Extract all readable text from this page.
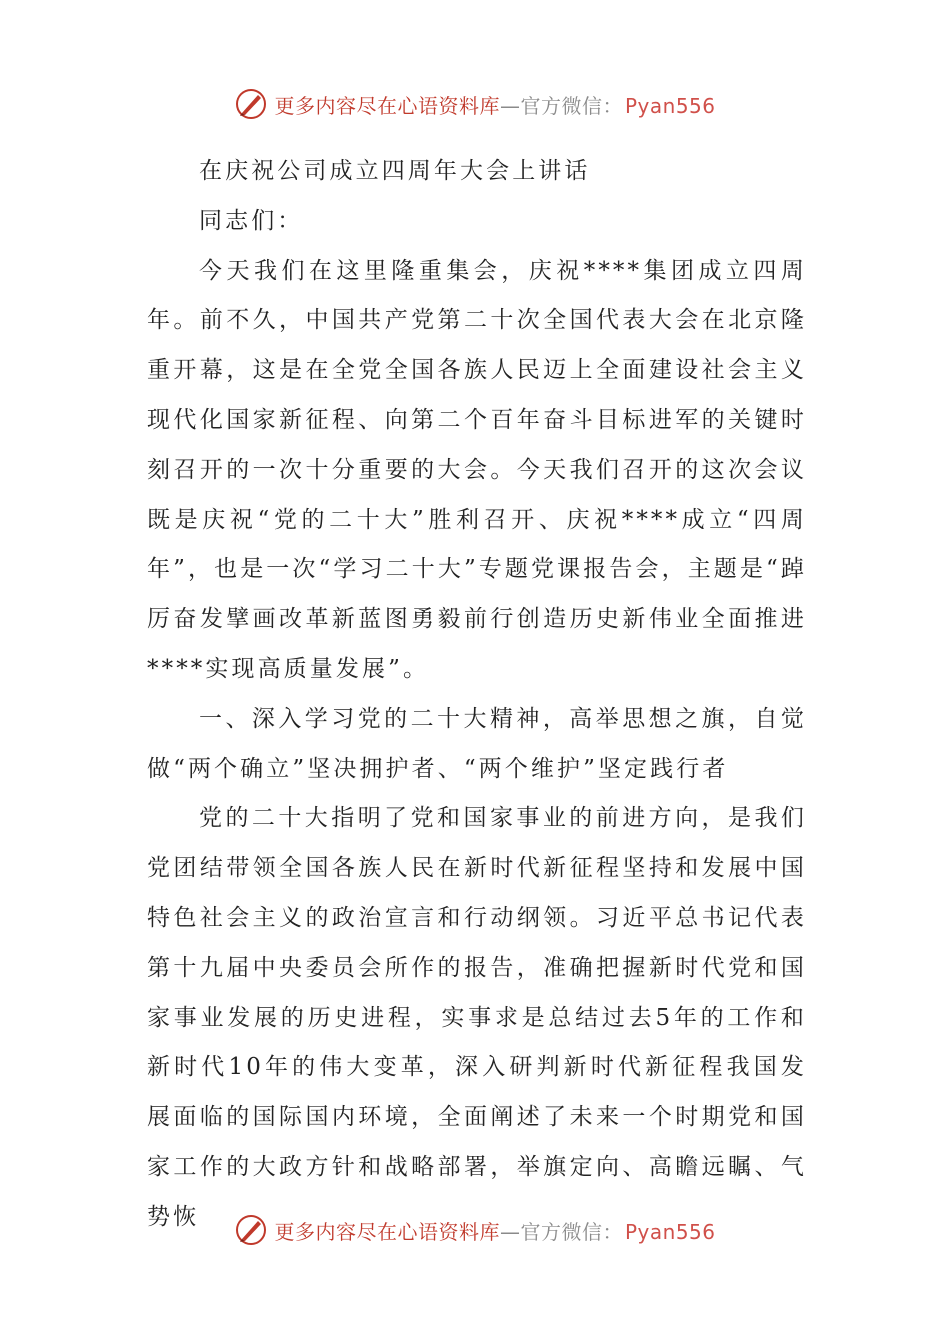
更多内容尽在心语资料库—官方微信： Pyan556

在庆祝公司成立四周年大会上讲话

同志们：

今天我们在这里隆重集会，庆祝****集团成立四周年。前不久，中国共产党第二十次全国代表大会在北京隆重开幕，这是在全党全国各族人民迈上全面建设社会主义现代化国家新征程、向第二个百年奋斗目标进军的关键时刻召开的一次十分重要的大会。今天我们召开的这次会议既是庆祝“党的二十大”胜利召开、庆祝****成立“四周年”，也是一次“学习二十大”专题党课报告会，主题是“踔厉奋发擘画改革新蓝图勇毅前行创造历史新伟业全面推进****实现高质量发展”。

一、深入学习党的二十大精神，高举思想之旗，自觉做“两个确立”坚决拥护者、“两个维护”坚定践行者

党的二十大指明了党和国家事业的前进方向，是我们党团结带领全国各族人民在新时代新征程坚持和发展中国特色社会主义的政治宣言和行动纲领。习近平总书记代表第十九届中央委员会所作的报告，准确把握新时代党和国家事业发展的历史进程，实事求是总结过去5年的工作和新时代10年的伟大变革，深入研判新时代新征程我国发展面临的国际国内环境，全面阐述了未来一个时期党和国家工作的大政方针和战略部署，举旗定向、高瞻远瞩、气势恢

更多内容尽在心语资料库—官方微信： Pyan556
